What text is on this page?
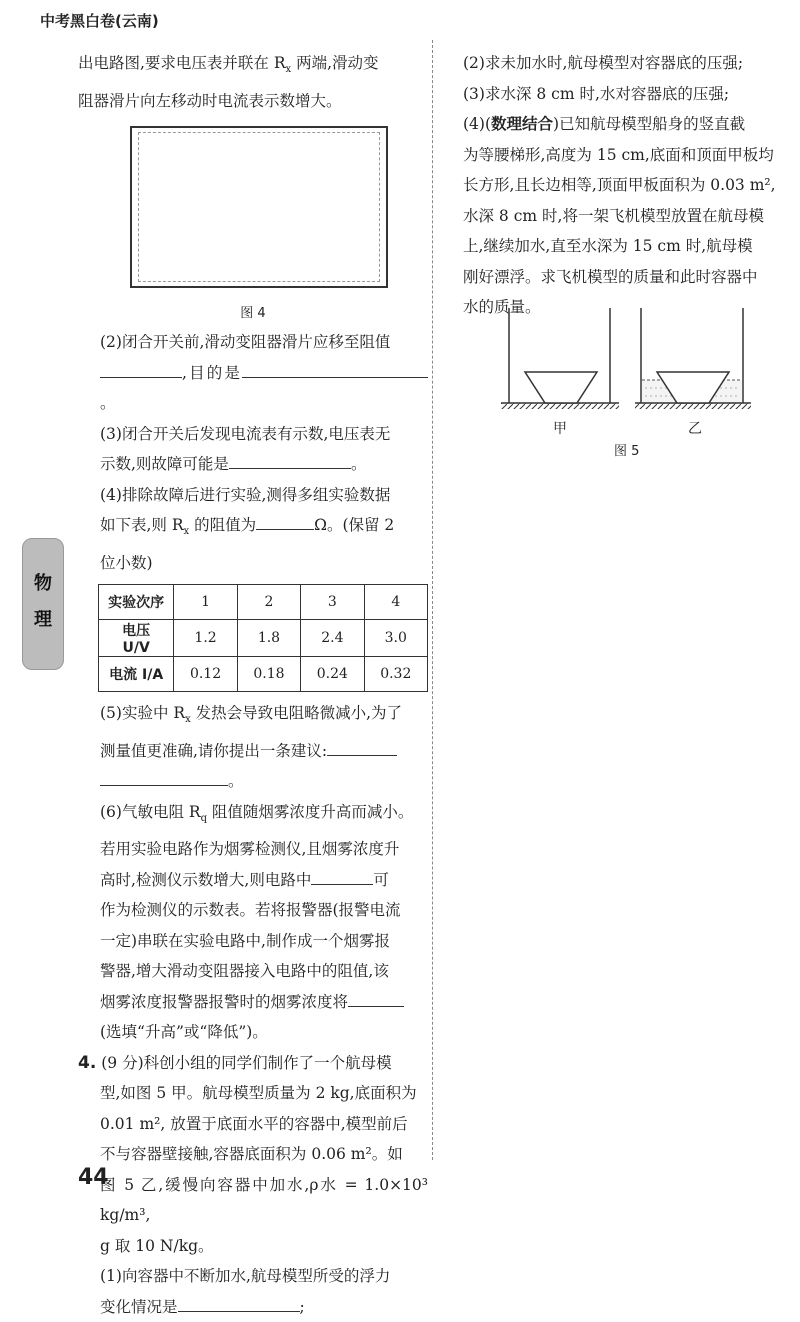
中考黑白卷(云南)

出电路图,要求电压表并联在 $R_x$ 两端,滑动变

阻器滑片向左移动时电流表示数增大。

图 4

(2)闭合开关前,滑动变阻器滑片应移至阻值

,目的是。

(3)闭合开关后发现电流表有示数,电压表无

示数,则故障可能是	。

(4)排除故障后进行实验,测得多组实验数据

如下表,则 $R_x$ 的阻值为	Ω。(保留 2

位小数)

实验次序	1	2	3	4
电压 U/V	1.2	1.8	2.4	3.0
电流 I/A	0.12	0.18	0.24	0.32

(5)实验中 $R_x$ 发热会导致电阻略微减小,为了

测量值更准确,请你提出一条建议:

。

(6)气敏电阻 $R_q$ 阻值随烟雾浓度升高而减小。

若用实验电路作为烟雾检测仪,且烟雾浓度升

高时,检测仪示数增大,则电路中	可

作为检测仪的示数表。若将报警器(报警电流

一定)串联在实验电路中,制作成一个烟雾报

警器,增大滑动变阻器接入电路中的阻值,该

烟雾浓度报警器报警时的烟雾浓度将

(选填“升高”或“降低”)。

4. (9 分)科创小组的同学们制作了一个航母模

型,如图 5 甲。航母模型质量为 2 kg,底面积为

0.01 m², 放置于底面水平的容器中,模型前后

不与容器壁接触,容器底面积为 0.06 m²。如

图 5 乙,缓慢向容器中加水,ρ水 = 1.0×10³ kg/m³,

g 取 10 N/kg。

(1)向容器中不断加水,航母模型所受的浮力

变化情况是	;

(2)求未加水时,航母模型对容器底的压强;

(3)求水深 8 cm 时,水对容器底的压强;

(4)(数理结合)已知航母模型船身的竖直截

为等腰梯形,高度为 15 cm,底面和顶面甲板均

长方形,且长边相等,顶面甲板面积为 0.03 m²,

水深 8 cm 时,将一架飞机模型放置在航母模

上,继续加水,直至水深为 15 cm 时,航母模

刚好漂浮。求飞机模型的质量和此时容器中

水的质量。

甲	乙
图 5
物
理
44
